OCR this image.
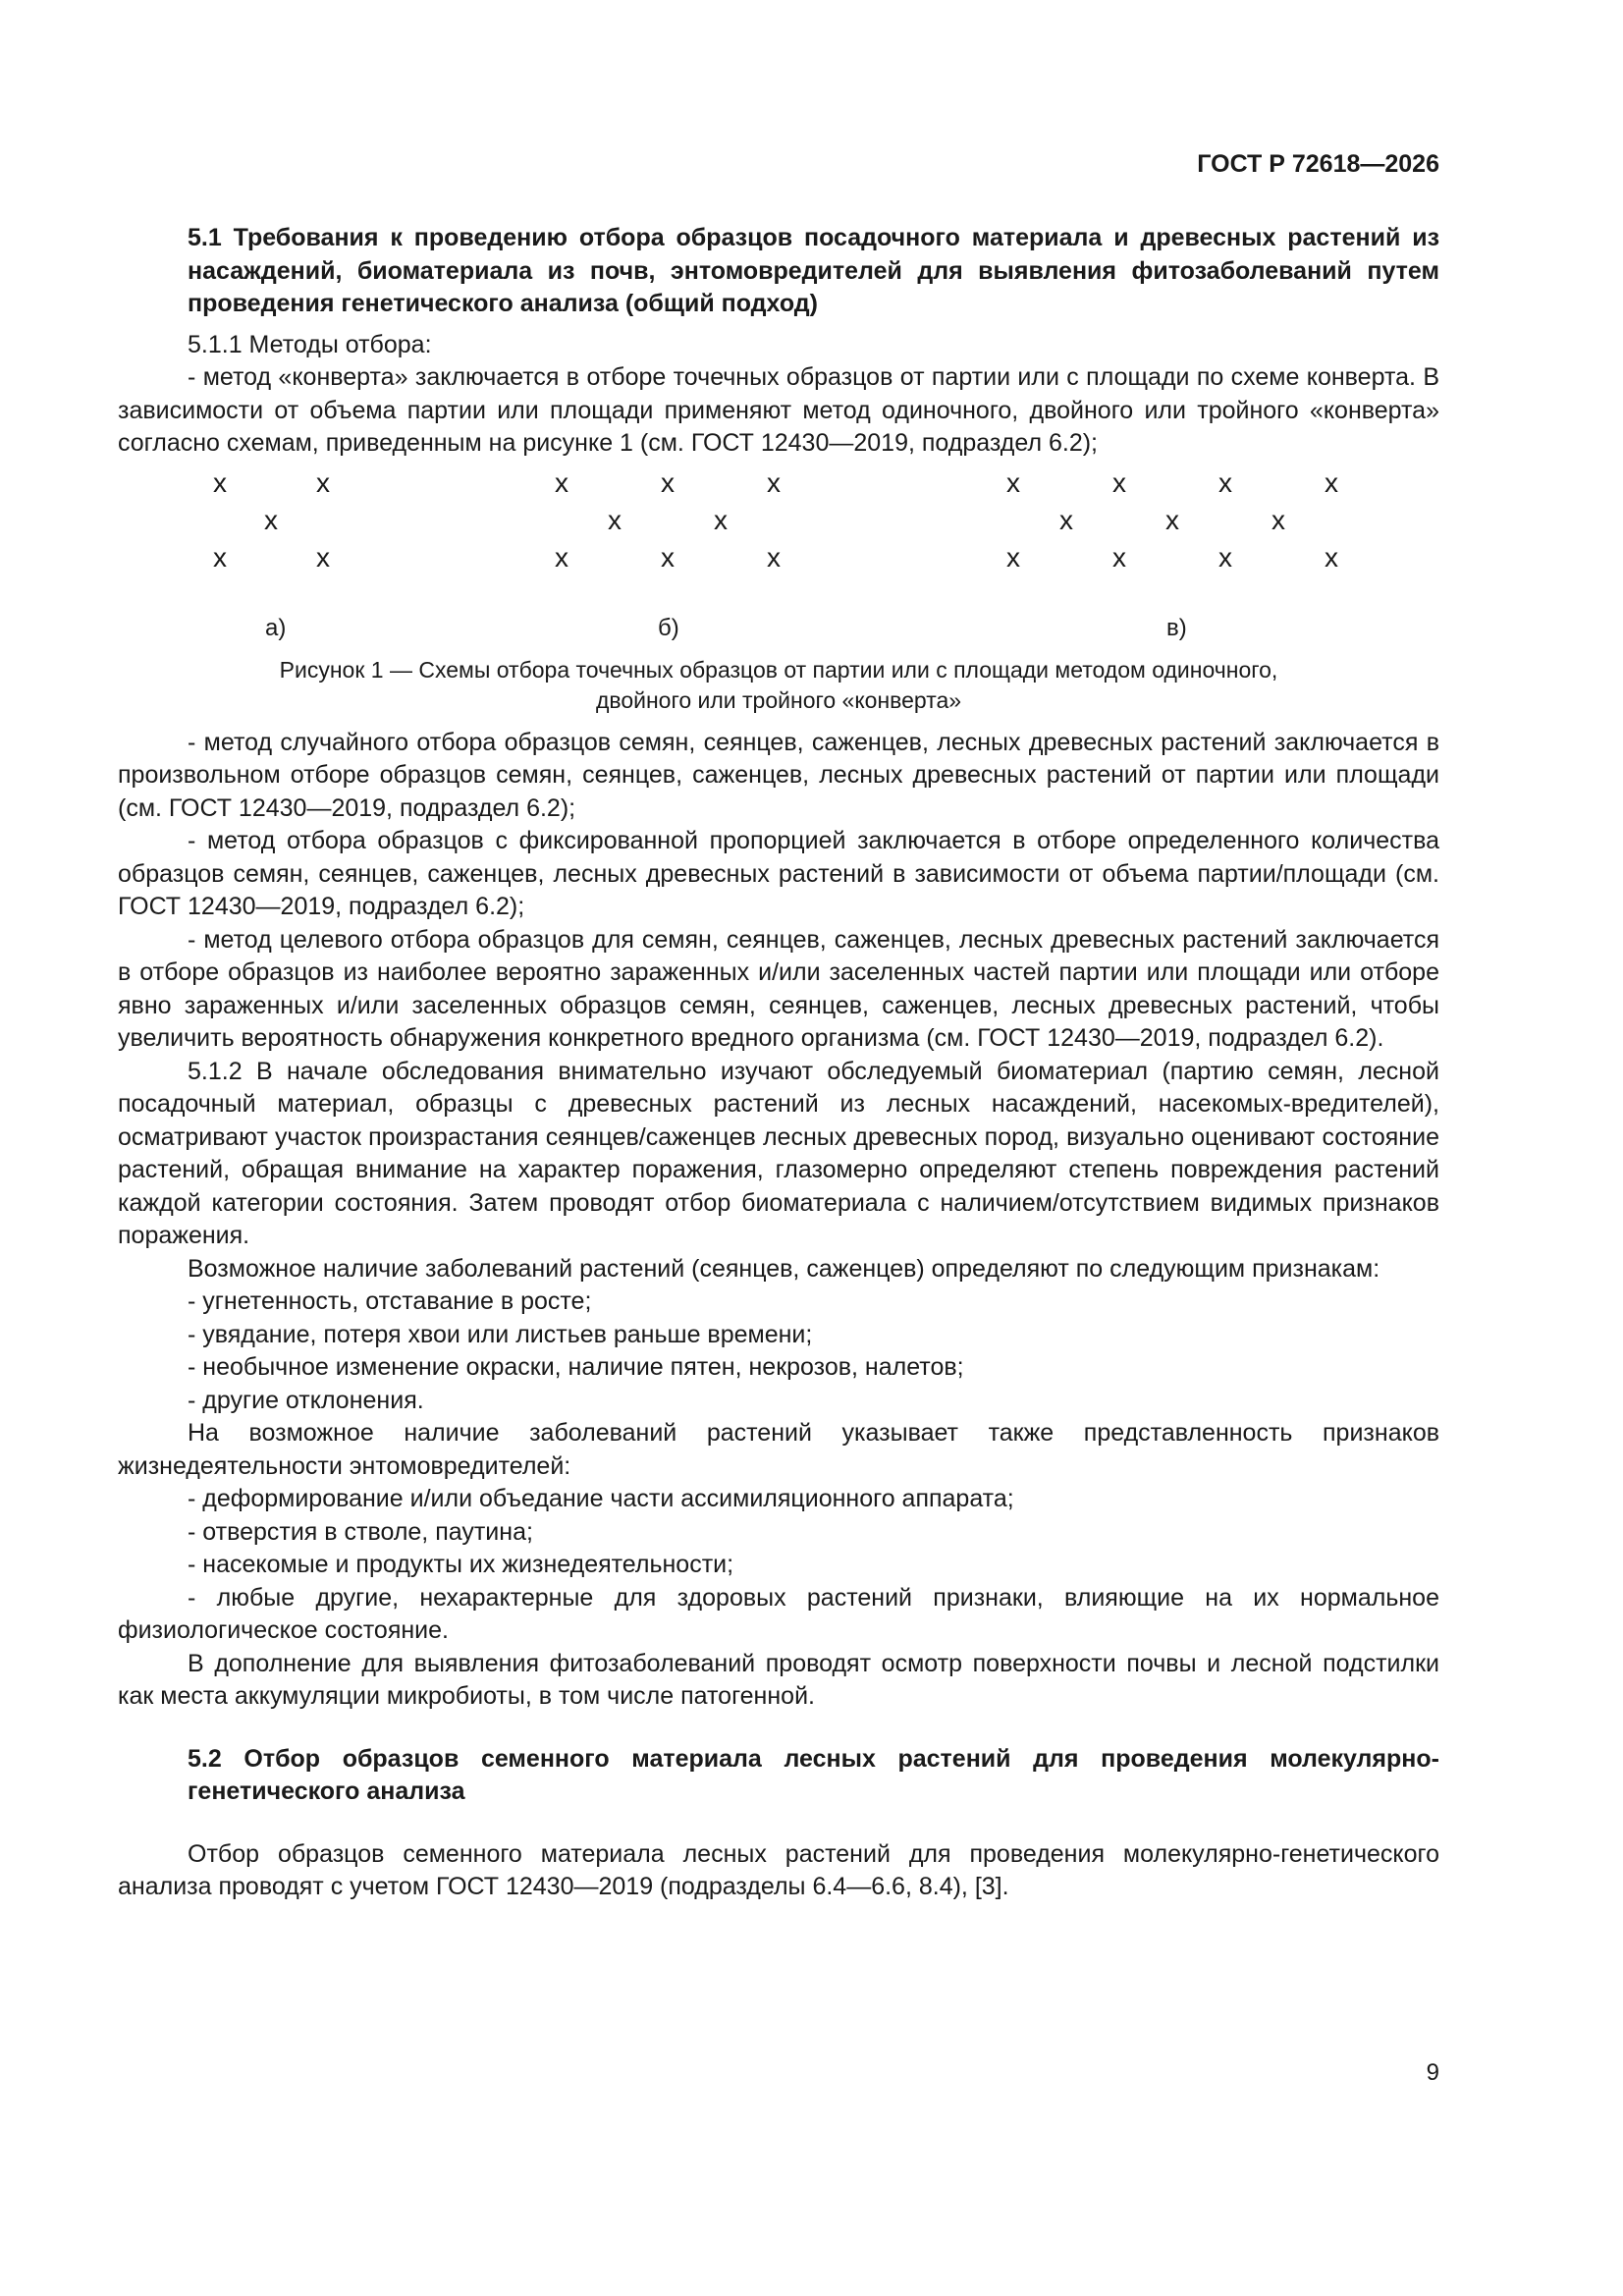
ГОСТ Р 72618—2026

5.1 Требования к проведению отбора образцов посадочного материала и древесных растений из насаждений, биоматериала из почв, энтомовредителей для выявления фитозаболеваний путем проведения генетического анализа (общий подход)

5.1.1 Методы отбора:

- метод «конверта» заключается в отборе точечных образцов от партии или с площади по схеме конверта. В зависимости от объема партии или площади применяют метод одиночного, двойного или тройного «конверта» согласно схемам, приведенным на рисунке 1 (см. ГОСТ 12430—2019, подраздел 6.2);

x	x
x
x	x
x	x	x
x	x
x	x	x
x	x	x	x
x	x	x
x	x	x	x
а)	б)	в)
Рисунок 1 — Схемы отбора точечных образцов от партии или с площади методом одиночного,
двойного или тройного «конверта»

- метод случайного отбора образцов семян, сеянцев, саженцев, лесных древесных растений заключается в произвольном отборе образцов семян, сеянцев, саженцев, лесных древесных растений от партии или площади (см. ГОСТ 12430—2019, подраздел 6.2);

- метод отбора образцов с фиксированной пропорцией заключается в отборе определенного количества образцов семян, сеянцев, саженцев, лесных древесных растений в зависимости от объема партии/площади (см. ГОСТ 12430—2019, подраздел 6.2);

- метод целевого отбора образцов для семян, сеянцев, саженцев, лесных древесных растений заключается в отборе образцов из наиболее вероятно зараженных и/или заселенных частей партии или площади или отборе явно зараженных и/или заселенных образцов семян, сеянцев, саженцев, лесных древесных растений, чтобы увеличить вероятность обнаружения конкретного вредного организма (см. ГОСТ 12430—2019, подраздел 6.2).

5.1.2 В начале обследования внимательно изучают обследуемый биоматериал (партию семян, лесной посадочный материал, образцы с древесных растений из лесных насаждений, насекомых-вредителей), осматривают участок произрастания сеянцев/саженцев лесных древесных пород, визуально оценивают состояние растений, обращая внимание на характер поражения, глазомерно определяют степень повреждения растений каждой категории состояния. Затем проводят отбор биоматериала с наличием/отсутствием видимых признаков поражения.

Возможное наличие заболеваний растений (сеянцев, саженцев) определяют по следующим признакам:

- угнетенность, отставание в росте;

- увядание, потеря хвои или листьев раньше времени;

- необычное изменение окраски, наличие пятен, некрозов, налетов;

- другие отклонения.

На возможное наличие заболеваний растений указывает также представленность признаков жизнедеятельности энтомовредителей:

- деформирование и/или объедание части ассимиляционного аппарата;

- отверстия в стволе, паутина;

- насекомые и продукты их жизнедеятельности;

- любые другие, нехарактерные для здоровых растений признаки, влияющие на их нормальное физиологическое состояние.

В дополнение для выявления фитозаболеваний проводят осмотр поверхности почвы и лесной подстилки как места аккумуляции микробиоты, в том числе патогенной.

5.2 Отбор образцов семенного материала лесных растений для проведения молекулярно-генетического анализа

Отбор образцов семенного материала лесных растений для проведения молекулярно-генетического анализа проводят с учетом ГОСТ 12430—2019 (подразделы 6.4—6.6, 8.4), [3].

9
